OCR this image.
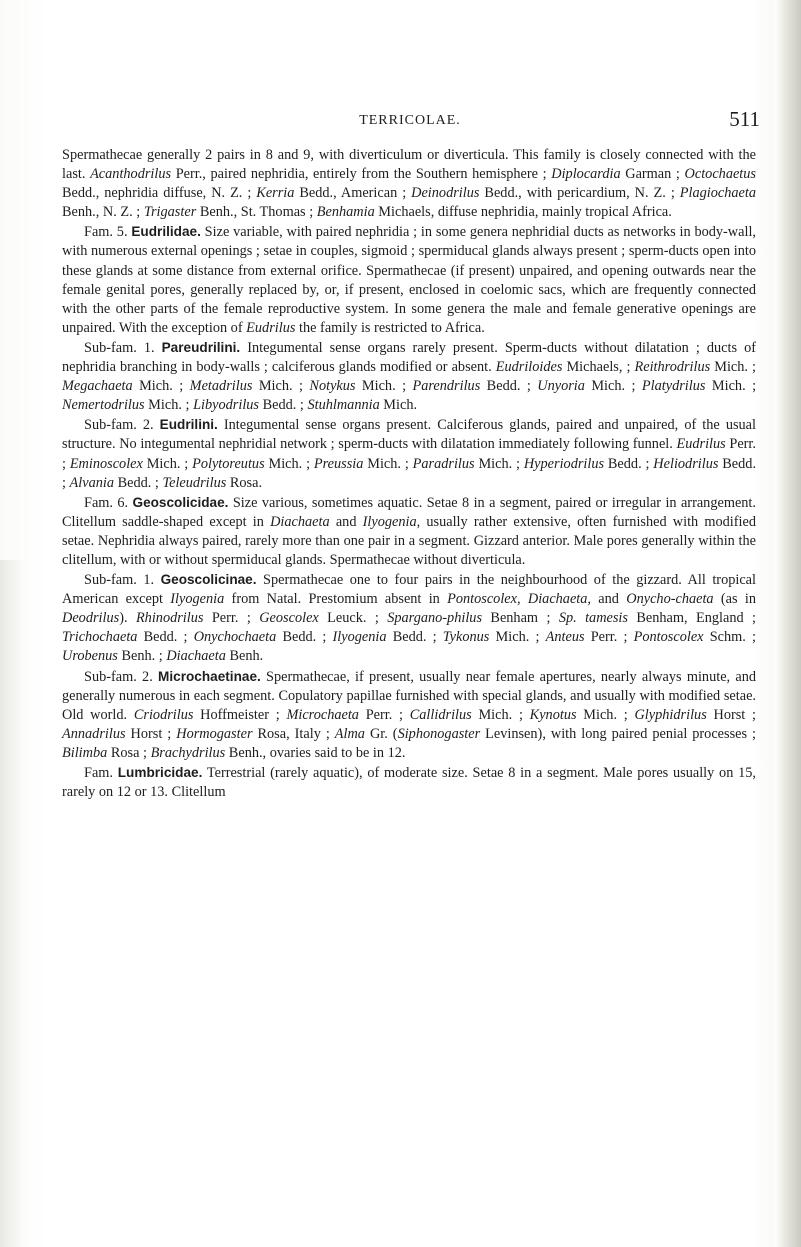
TERRICOLAE.	511

Spermathecae generally 2 pairs in 8 and 9, with diverticulum or diverticula. This family is closely connected with the last. Acanthodrilus Perr., paired nephridia, entirely from the Southern hemisphere ; Diplocardia Garman ; Octochaetus Bedd., nephridia diffuse, N. Z. ; Kerria Bedd., American ; Deinodrilus Bedd., with pericardium, N. Z. ; Plagiochaeta Benh., N. Z. ; Trigaster Benh., St. Thomas ; Benhamia Michaels, diffuse nephridia, mainly tropical Africa.

Fam. 5. Eudrilidae. Size variable, with paired nephridia ; in some genera nephridial ducts as networks in body-wall, with numerous external openings ; setae in couples, sigmoid ; spermiducal glands always present ; sperm-ducts open into these glands at some distance from external orifice. Spermathecae (if present) unpaired, and opening outwards near the female genital pores, generally replaced by, or, if present, enclosed in coelomic sacs, which are frequently connected with the other parts of the female reproductive system. In some genera the male and female generative openings are unpaired. With the exception of Eudrilus the family is restricted to Africa.

Sub-fam. 1. Pareudrilini. Integumental sense organs rarely present. Sperm-ducts without dilatation ; ducts of nephridia branching in body-walls ; calciferous glands modified or absent. Eudriloides Michaels, ; Reithrodrilus Mich. ; Megachaeta Mich. ; Metadrilus Mich. ; Notykus Mich. ; Parendrilus Bedd. ; Unyoria Mich. ; Platydrilus Mich. ; Nemertodrilus Mich. ; Libyodrilus Bedd. ; Stuhlmannia Mich.

Sub-fam. 2. Eudrilini. Integumental sense organs present. Calciferous glands, paired and unpaired, of the usual structure. No integumental nephridial network ; sperm-ducts with dilatation immediately following funnel. Eudrilus Perr. ; Eminoscolex Mich. ; Polytoreutus Mich. ; Preussia Mich. ; Paradrilus Mich. ; Hyperiodrilus Bedd. ; Heliodrilus Bedd. ; Alvania Bedd. ; Teleudrilus Rosa.

Fam. 6. Geoscolicidae. Size various, sometimes aquatic. Setae 8 in a segment, paired or irregular in arrangement. Clitellum saddle-shaped except in Diachaeta and Ilyogenia, usually rather extensive, often furnished with modified setae. Nephridia always paired, rarely more than one pair in a segment. Gizzard anterior. Male pores generally within the clitellum, with or without spermiducal glands. Spermathecae without diverticula.

Sub-fam. 1. Geoscolicinae. Spermathecae one to four pairs in the neighbourhood of the gizzard. All tropical American except Ilyogenia from Natal. Prestomium absent in Pontoscolex, Diachaeta, and Onycho-chaeta (as in Deodrilus). Rhinodrilus Perr. ; Geoscolex Leuck. ; Spargano-philus Benham ; Sp. tamesis Benham, England ; Trichochaeta Bedd. ; Onychochaeta Bedd. ; Ilyogenia Bedd. ; Tykonus Mich. ; Anteus Perr. ; Pontoscolex Schm. ; Urobenus Benh. ; Diachaeta Benh.

Sub-fam. 2. Microchaetinae. Spermathecae, if present, usually near female apertures, nearly always minute, and generally numerous in each segment. Copulatory papillae furnished with special glands, and usually with modified setae. Old world. Criodrilus Hoffmeister ; Microchaeta Perr. ; Callidrilus Mich. ; Kynotus Mich. ; Glyphidrilus Horst ; Annadrilus Horst ; Hormogaster Rosa, Italy ; Alma Gr. (Siphonogaster Levinsen), with long paired penial processes ; Bilimba Rosa ; Brachydrilus Benh., ovaries said to be in 12.

Fam. Lumbricidae. Terrestrial (rarely aquatic), of moderate size. Setae 8 in a segment. Male pores usually on 15, rarely on 12 or 13. Clitellum
